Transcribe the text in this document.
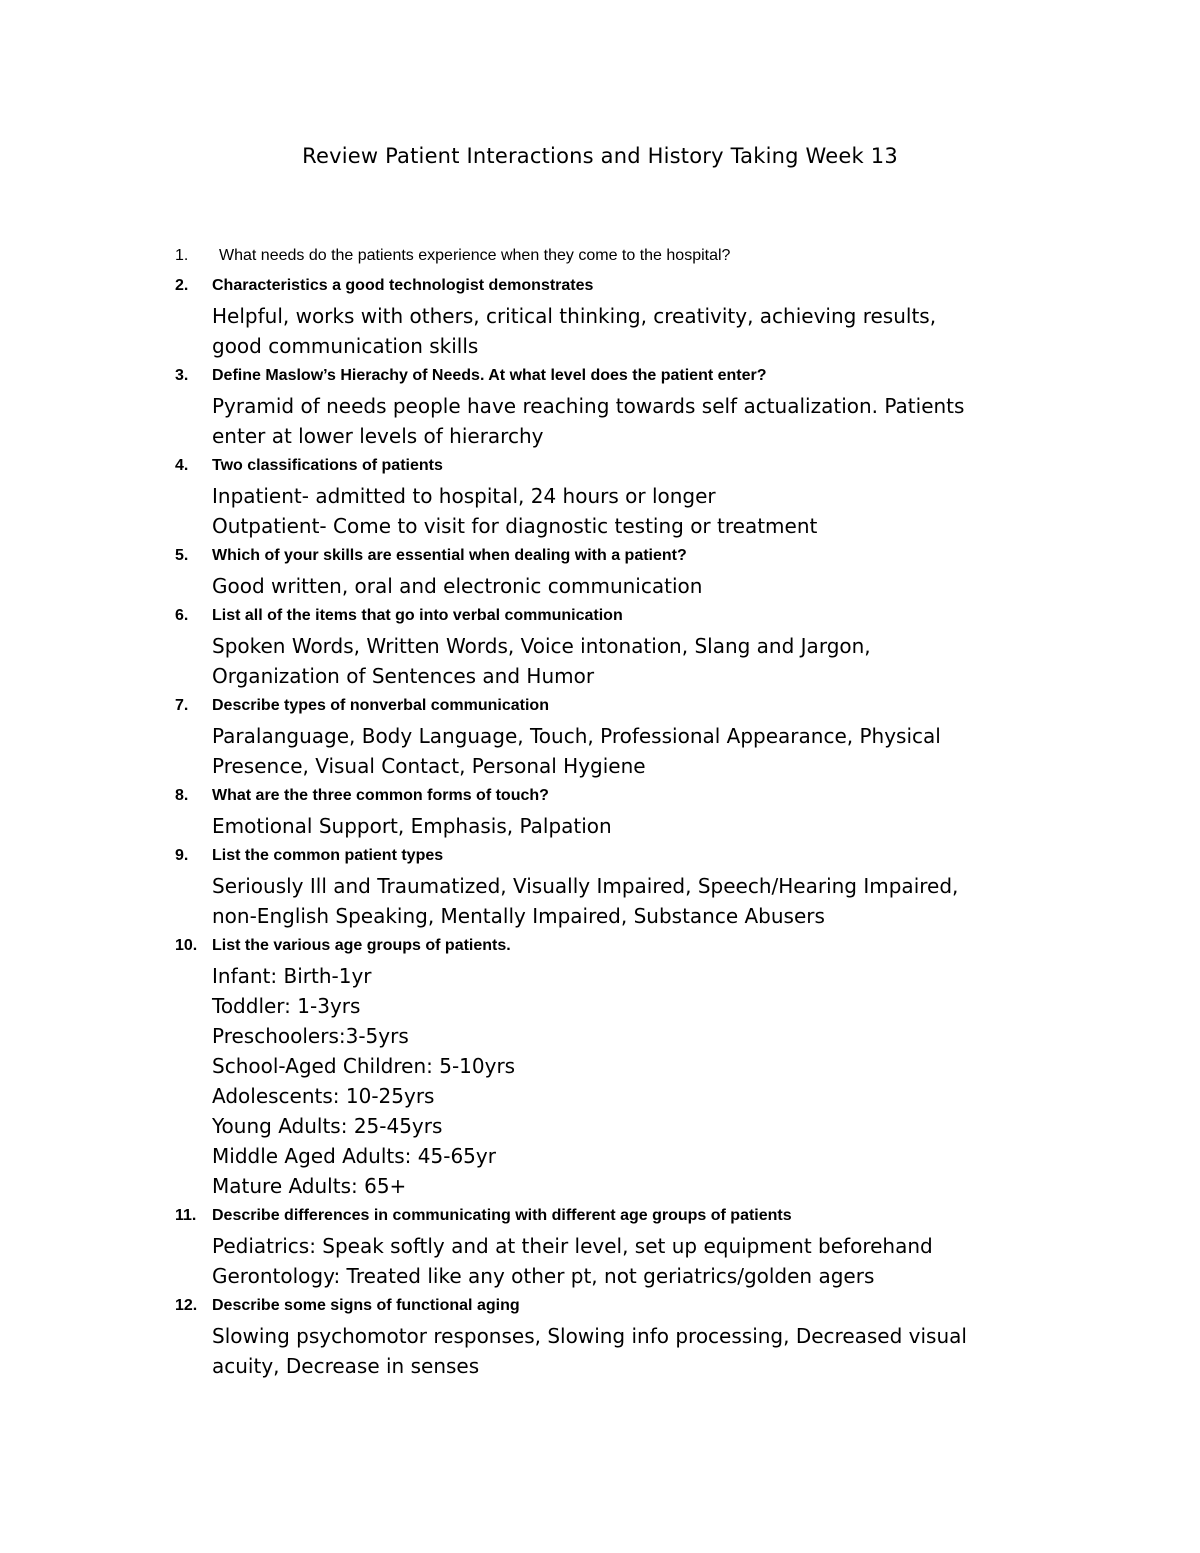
Review Patient Interactions and History Taking Week 13
1. What needs do the patients experience when they come to the hospital?
2. Characteristics a good technologist demonstrates
Helpful, works with others, critical thinking, creativity, achieving results,
good communication skills
3. Define Maslow’s Hierachy of Needs. At what level does the patient enter?
Pyramid of needs people have reaching towards self actualization. Patients
enter at lower levels of hierarchy
4. Two classifications of patients
Inpatient- admitted to hospital, 24 hours or longer
Outpatient- Come to visit for diagnostic testing or treatment
5. Which of your skills are essential when dealing with a patient?
Good written, oral and electronic communication
6. List all of the items that go into verbal communication
Spoken Words, Written Words, Voice intonation, Slang and Jargon,
Organization of Sentences and Humor
7. Describe types of nonverbal communication
Paralanguage, Body Language, Touch, Professional Appearance, Physical
Presence, Visual Contact, Personal Hygiene
8. What are the three common forms of touch?
Emotional Support, Emphasis, Palpation
9. List the common patient types
Seriously Ill and Traumatized, Visually Impaired, Speech/Hearing Impaired,
non-English Speaking, Mentally Impaired, Substance Abusers
10. List the various age groups of patients.
Infant: Birth-1yr
Toddler: 1-3yrs
Preschoolers:3-5yrs
School-Aged Children: 5-10yrs
Adolescents: 10-25yrs
Young Adults: 25-45yrs
Middle Aged Adults: 45-65yr
Mature Adults: 65+
11. Describe differences in communicating with different age groups of patients
Pediatrics: Speak softly and at their level, set up equipment beforehand
Gerontology: Treated like any other pt, not geriatrics/golden agers
12. Describe some signs of functional aging
Slowing psychomotor responses, Slowing info processing, Decreased visual
acuity, Decrease in senses
